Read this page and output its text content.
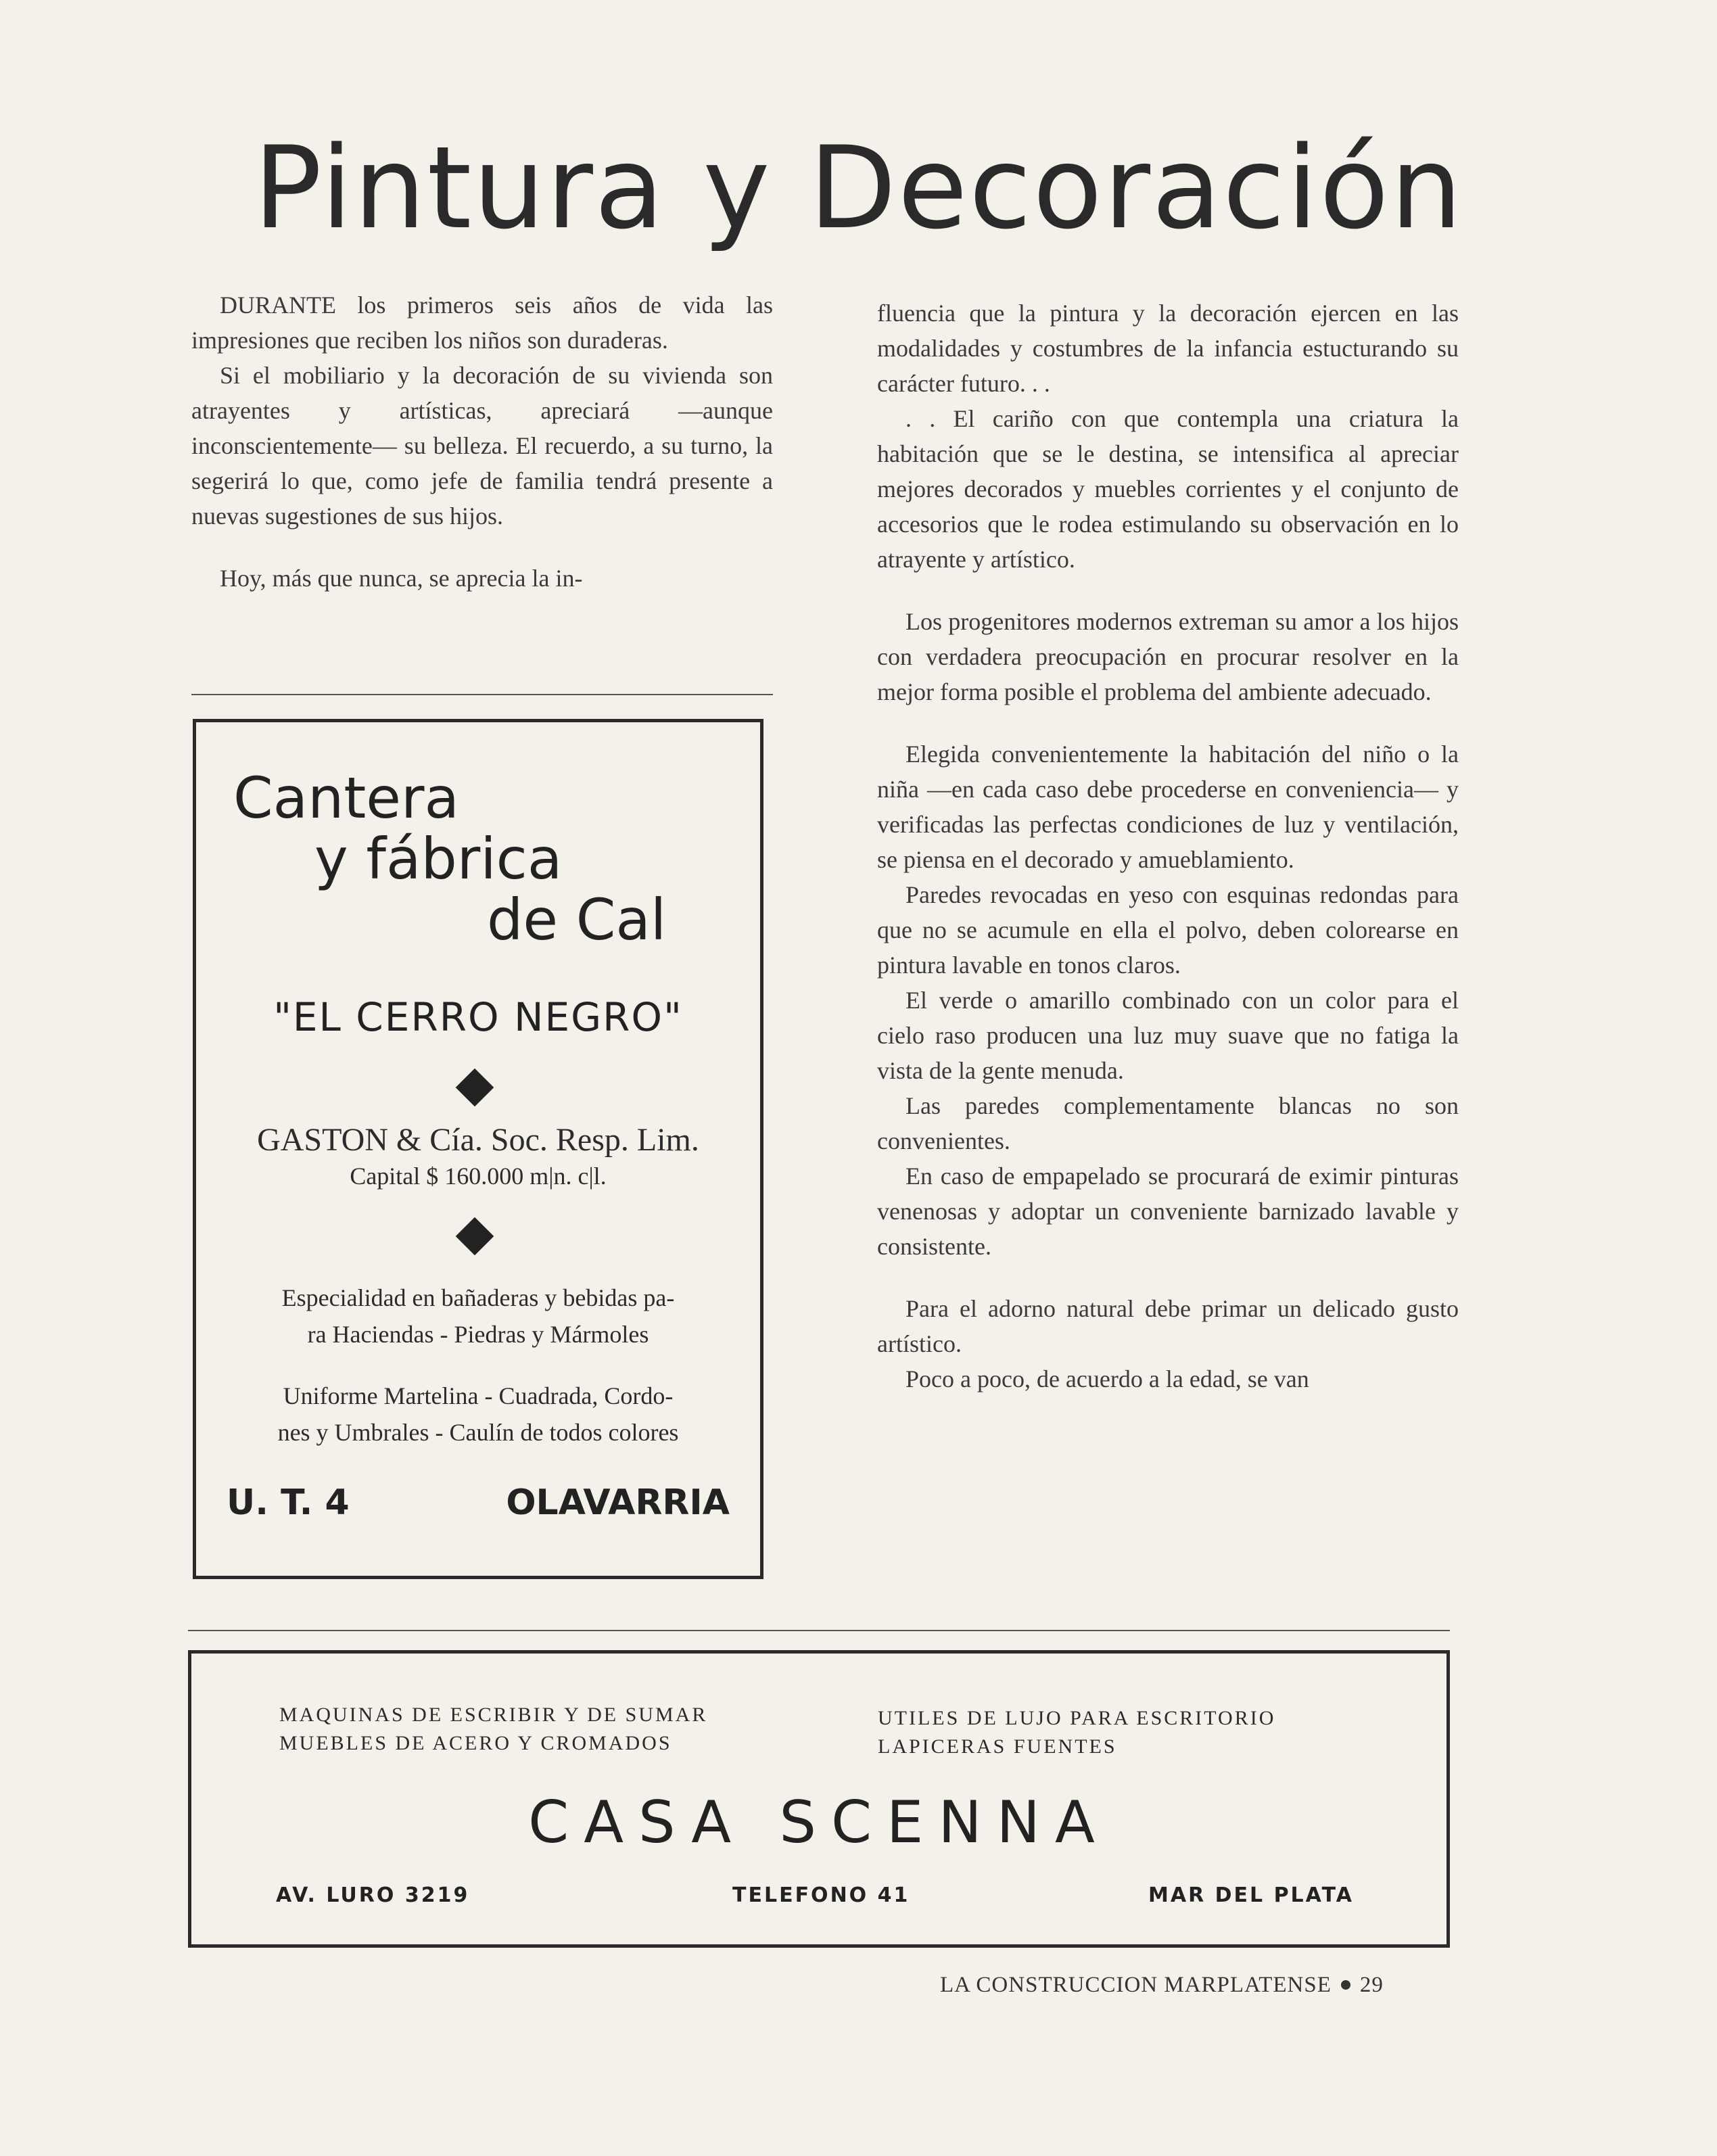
Pintura y Decoración

DURANTE los primeros seis años de vida las impresiones que reciben los niños son duraderas.

Si el mobiliario y la decoración de su vivienda son atrayentes y artísticas, apreciará —aunque inconscientemente— su belleza. El recuerdo, a su turno, la segerirá lo que, como jefe de familia tendrá presente a nuevas sugestiones de sus hijos.

Hoy, más que nunca, se aprecia la in-

Cantera
y fábrica
de Cal
"EL CERRO NEGRO"
GASTON & Cía. Soc. Resp. Lim.
Capital $ 160.000 m|n. c|l.
Especialidad en bañaderas y bebidas pa-
ra Haciendas - Piedras y Mármoles
Uniforme Martelina - Cuadrada, Cordo-
nes y Umbrales - Caulín de todos colores
U. T. 4	OLAVARRIA

fluencia que la pintura y la decoración ejercen en las modalidades y costumbres de la infancia estucturando su carácter futuro. . .

. . El cariño con que contempla una criatura la habitación que se le destina, se intensifica al apreciar mejores decorados y muebles corrientes y el conjunto de accesorios que le rodea estimulando su observación en lo atrayente y artístico.

Los progenitores modernos extreman su amor a los hijos con verdadera preocupación en procurar resolver en la mejor forma posible el problema del ambiente adecuado.

Elegida convenientemente la habitación del niño o la niña —en cada caso debe procederse en conveniencia— y verificadas las perfectas condiciones de luz y ventilación, se piensa en el decorado y amueblamiento.

Paredes revocadas en yeso con esquinas redondas para que no se acumule en ella el polvo, deben colorearse en pintura lavable en tonos claros.

El verde o amarillo combinado con un color para el cielo raso producen una luz muy suave que no fatiga la vista de la gente menuda.

Las paredes complementamente blancas no son convenientes.

En caso de empapelado se procurará de eximir pinturas venenosas y adoptar un conveniente barnizado lavable y consistente.

Para el adorno natural debe primar un delicado gusto artístico.

Poco a poco, de acuerdo a la edad, se van

MAQUINAS DE ESCRIBIR Y DE SUMAR
MUEBLES DE ACERO Y CROMADOS
UTILES DE LUJO PARA ESCRITORIO
LAPICERAS FUENTES
CASA SCENNA
AV. LURO 3219	TELEFONO 41	MAR DEL PLATA
LA CONSTRUCCION MARPLATENSE 29
